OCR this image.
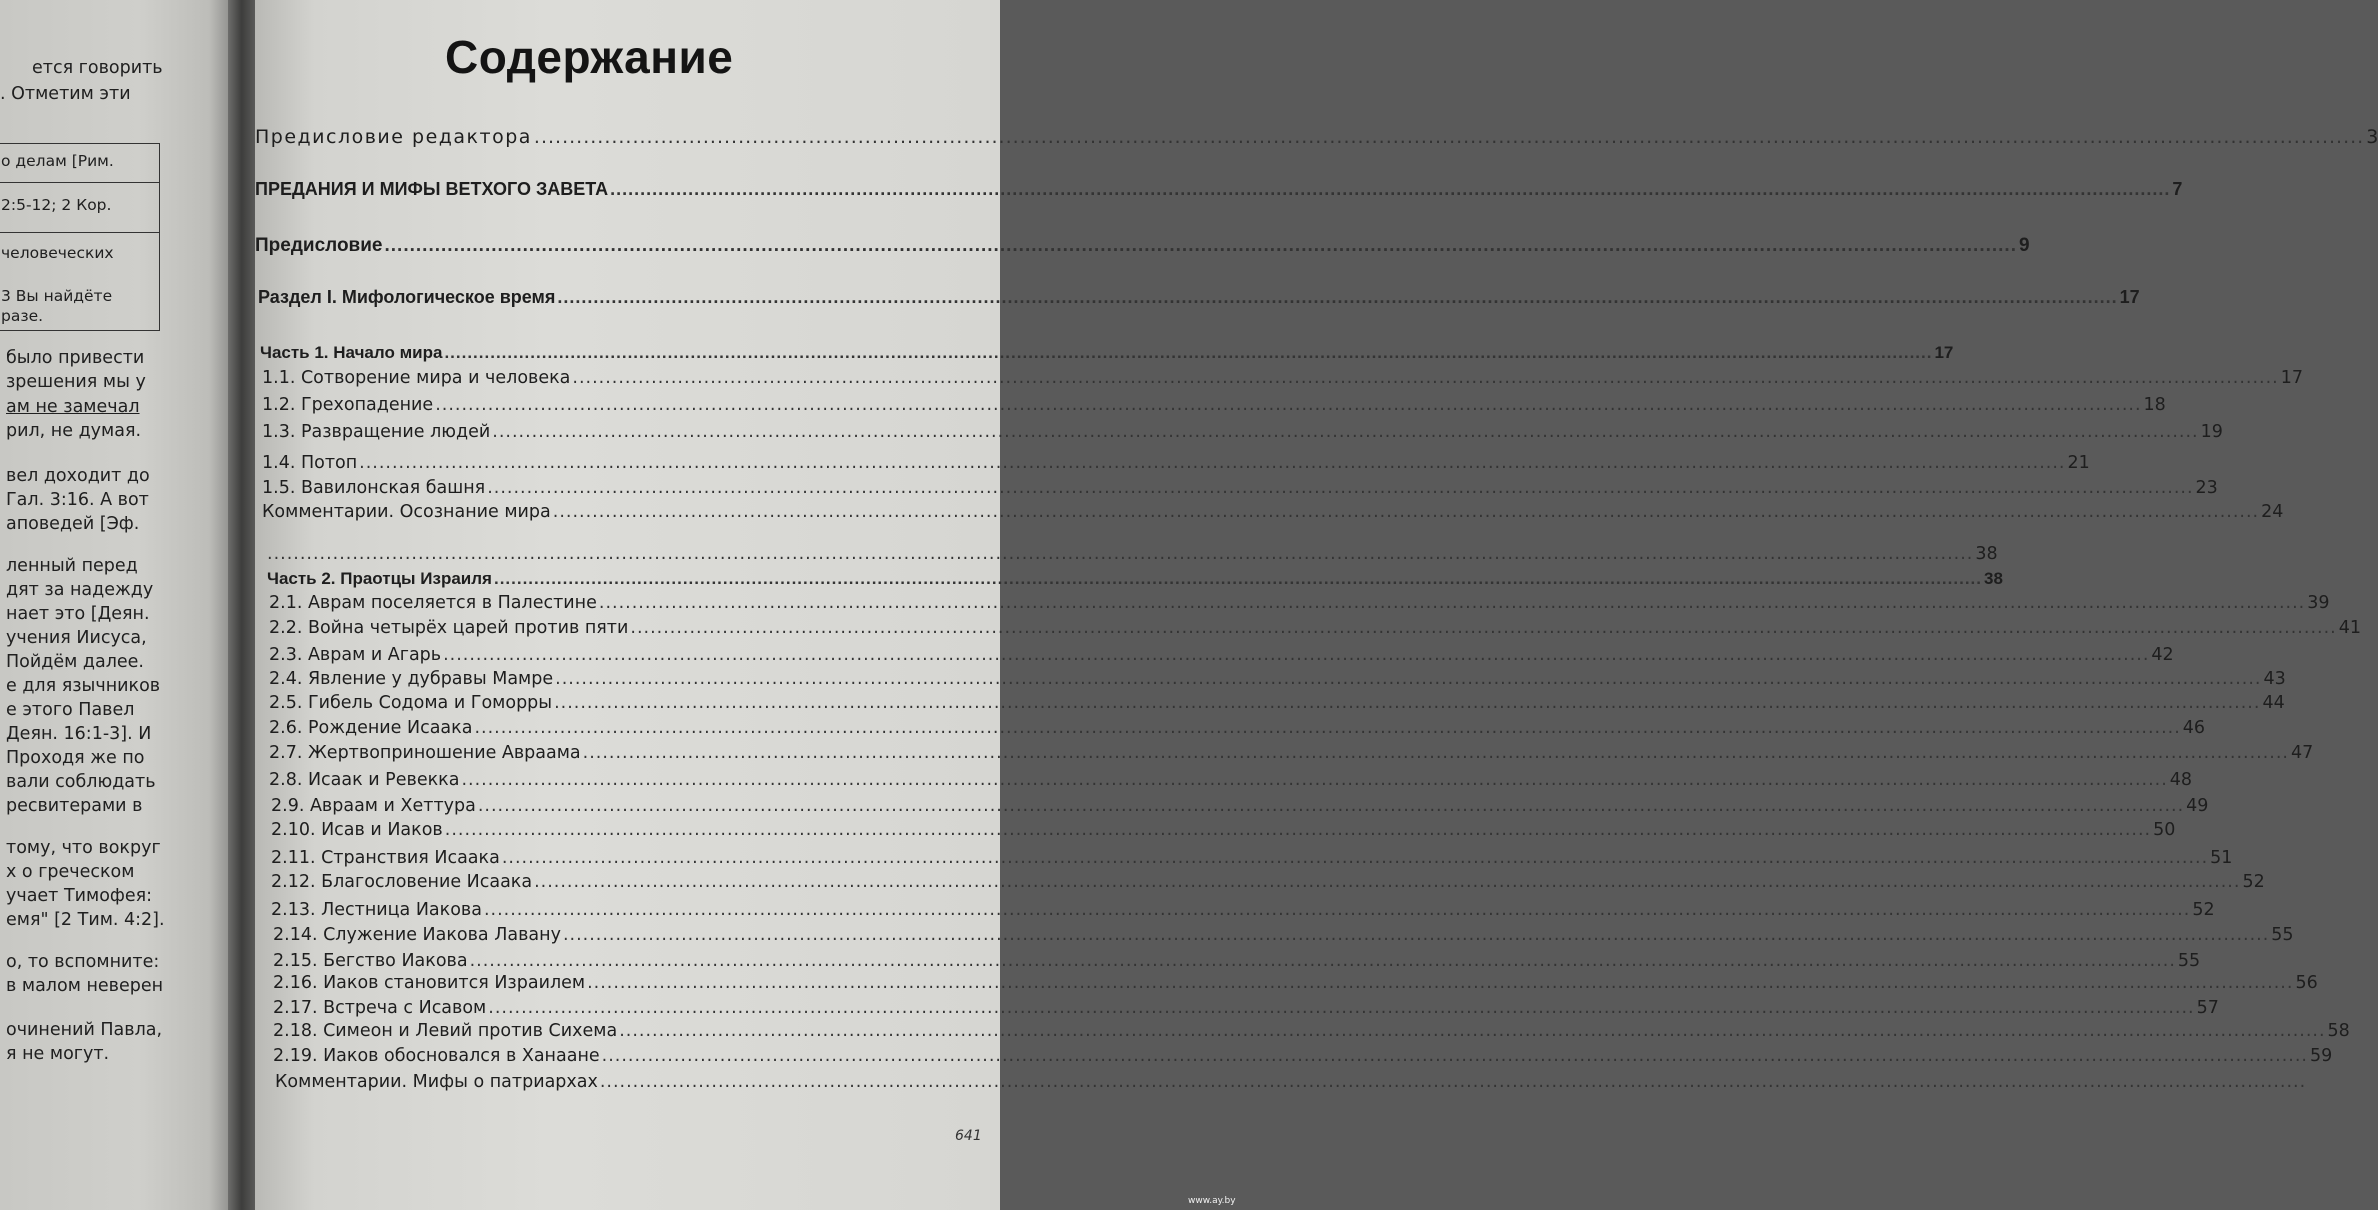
ется говорить
. Отметим эти
было привести
зрешения мы у
ам не замечал
рил, не думая.
вел доходит до
Гал. 3:16. А вот
аповедей [Эф.
ленный перед
дят за надежду
нает это [Деян.
учения Иисуса,
Пойдём далее.
е для язычников
е этого Павел
Деян. 16:1-3]. И
Проходя же по
вали соблюдать
ресвитерами в
тому, что вокруг
х о греческом
учает Тимофея:
емя" [2 Тим. 4:2].
о, то вспомните:
в малом неверен
очинений Павла,
я не могут.
о делам [Рим.
2:5-12; 2 Кор.
человеческих
3 Вы найдёте
разе.
Содержание
Предисловие редактора .................................................................................................................................................................................................................................................................... 3
ПРЕДАНИЯ И МИФЫ ВЕТХОГО ЗАВЕТА .................................................................................................................................................................................................................................................................... 7
Предисловие .................................................................................................................................................................................................................................................................... 9
Раздел I. Мифологическое время .................................................................................................................................................................................................................................................................... 17
Часть 1. Начало мира .................................................................................................................................................................................................................................................................... 17
1.1. Сотворение мира и человека .................................................................................................................................................................................................................................................................... 17
1.2. Грехопадение .................................................................................................................................................................................................................................................................... 18
1.3. Развращение людей .................................................................................................................................................................................................................................................................... 19
1.4. Потоп .................................................................................................................................................................................................................................................................... 21
1.5. Вавилонская башня .................................................................................................................................................................................................................................................................... 23
Комментарии. Осознание мира .................................................................................................................................................................................................................................................................... 24
.................................................................................................................................................................................................................................................................... 38
Часть 2. Праотцы Израиля .................................................................................................................................................................................................................................................................... 38
2.1. Аврам поселяется в Палестине .................................................................................................................................................................................................................................................................... 39
2.2. Война четырёх царей против пяти .................................................................................................................................................................................................................................................................... 41
2.3. Аврам и Агарь .................................................................................................................................................................................................................................................................... 42
2.4. Явление у дубравы Мамре .................................................................................................................................................................................................................................................................... 43
2.5. Гибель Содома и Гоморры .................................................................................................................................................................................................................................................................... 44
2.6. Рождение Исаака .................................................................................................................................................................................................................................................................... 46
2.7. Жертвоприношение Авраама .................................................................................................................................................................................................................................................................... 47
2.8. Исаак и Ревекка .................................................................................................................................................................................................................................................................... 48
2.9. Авраам и Хеттура .................................................................................................................................................................................................................................................................... 49
2.10. Исав и Иаков .................................................................................................................................................................................................................................................................... 50
2.11. Странствия Исаака .................................................................................................................................................................................................................................................................... 51
2.12. Благословение Исаака .................................................................................................................................................................................................................................................................... 52
2.13. Лестница Иакова .................................................................................................................................................................................................................................................................... 52
2.14. Служение Иакова Лавану .................................................................................................................................................................................................................................................................... 55
2.15. Бегство Иакова .................................................................................................................................................................................................................................................................... 55
2.16. Иаков становится Израилем .................................................................................................................................................................................................................................................................... 56
2.17. Встреча с Исавом .................................................................................................................................................................................................................................................................... 57
2.18. Симеон и Левий против Сихема .................................................................................................................................................................................................................................................................... 58
2.19. Иаков обосновался в Ханаане .................................................................................................................................................................................................................................................................... 59
Комментарии. Мифы о патриархах ....................................................................................................................................................................................................................................................................
641
www.ay.by
